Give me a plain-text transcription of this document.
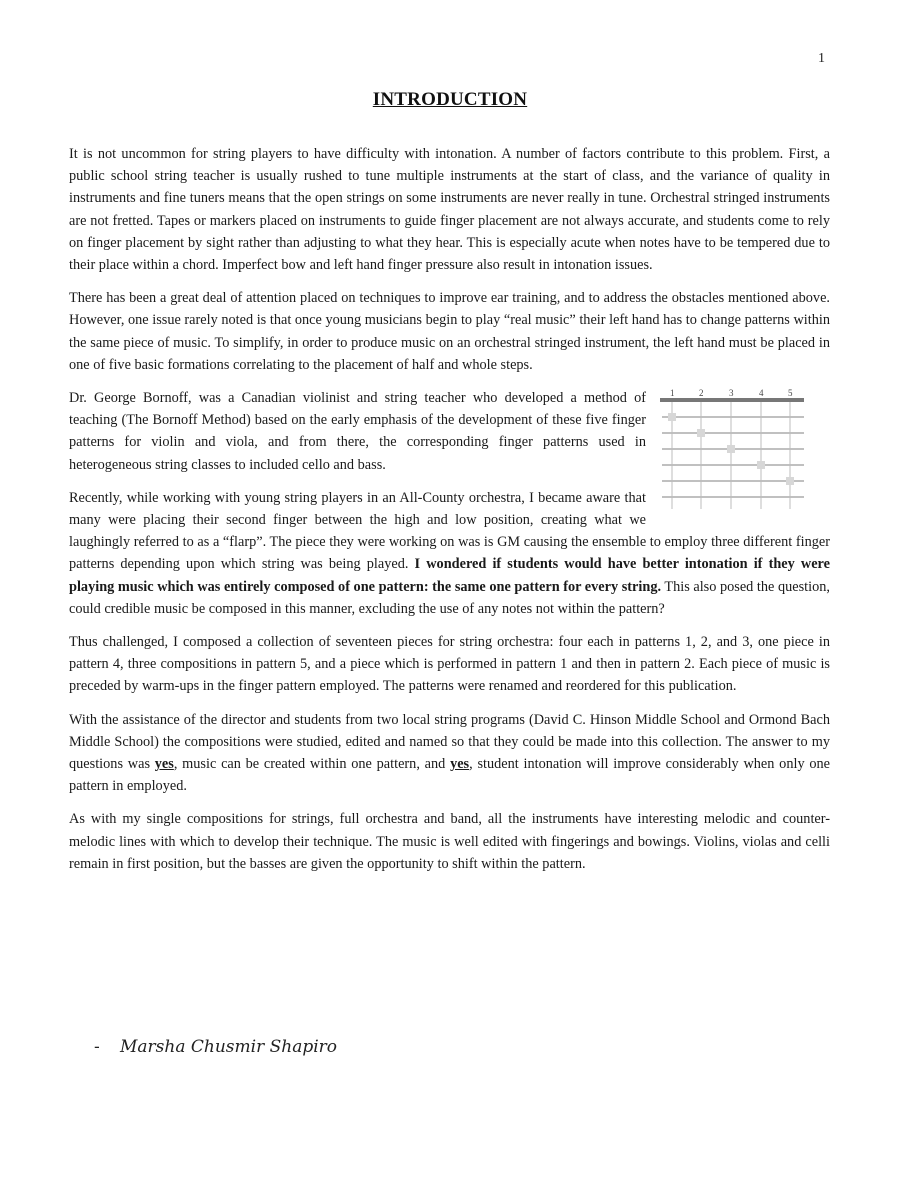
1
INTRODUCTION

It is not uncommon for string players to have difficulty with intonation. A number of factors contribute to this problem. First, a public school string teacher is usually rushed to tune multiple instruments at the start of class, and the variance of quality in instruments and fine tuners means that the open strings on some instruments are never really in tune. Orchestral stringed instruments are not fretted. Tapes or markers placed on instruments to guide finger placement are not always accurate, and students come to rely on finger placement by sight rather than adjusting to what they hear. This is especially acute when notes have to be tempered due to their place within a chord. Imperfect bow and left hand finger pressure also result in intonation issues.

There has been a great deal of attention placed on techniques to improve ear training, and to address the obstacles mentioned above. However, one issue rarely noted is that once young musicians begin to play “real music” their left hand has to change patterns within the same piece of music. To simplify, in order to produce music on an orchestral stringed instrument, the left hand must be placed in one of five basic formations correlating to the placement of half and whole steps.

1	2	3	4	5

Dr. George Bornoff, was a Canadian violinist and string teacher who developed a method of teaching (The Bornoff Method) based on the early emphasis of the development of these five finger patterns for violin and viola, and from there, the corresponding finger patterns used in heterogeneous string classes to included cello and bass.

Recently, while working with young string players in an All-County orchestra, I became aware that many were placing their second finger between the high and low position, creating what we laughingly referred to as a “flarp”. The piece they were working on was is GM causing the ensemble to employ three different finger patterns depending upon which string was being played. I wondered if students would have better intonation if they were playing music which was entirely composed of one pattern: the same one pattern for every string. This also posed the question, could credible music be composed in this manner, excluding the use of any notes not within the pattern?

Thus challenged, I composed a collection of seventeen pieces for string orchestra: four each in patterns 1, 2, and 3, one piece in pattern 4, three compositions in pattern 5, and a piece which is performed in pattern 1 and then in pattern 2. Each piece of music is preceded by warm-ups in the finger pattern employed. The patterns were renamed and reordered for this publication.

With the assistance of the director and students from two local string programs (David C. Hinson Middle School and Ormond Bach Middle School) the compositions were studied, edited and named so that they could be made into this collection. The answer to my questions was yes, music can be created within one pattern, and yes, student intonation will improve considerably when only one pattern in employed.

As with my single compositions for strings, full orchestra and band, all the instruments have interesting melodic and counter-melodic lines with which to develop their technique. The music is well edited with fingerings and bowings. Violins, violas and celli remain in first position, but the basses are given the opportunity to shift within the pattern.

- Marsha Chusmir Shapiro
